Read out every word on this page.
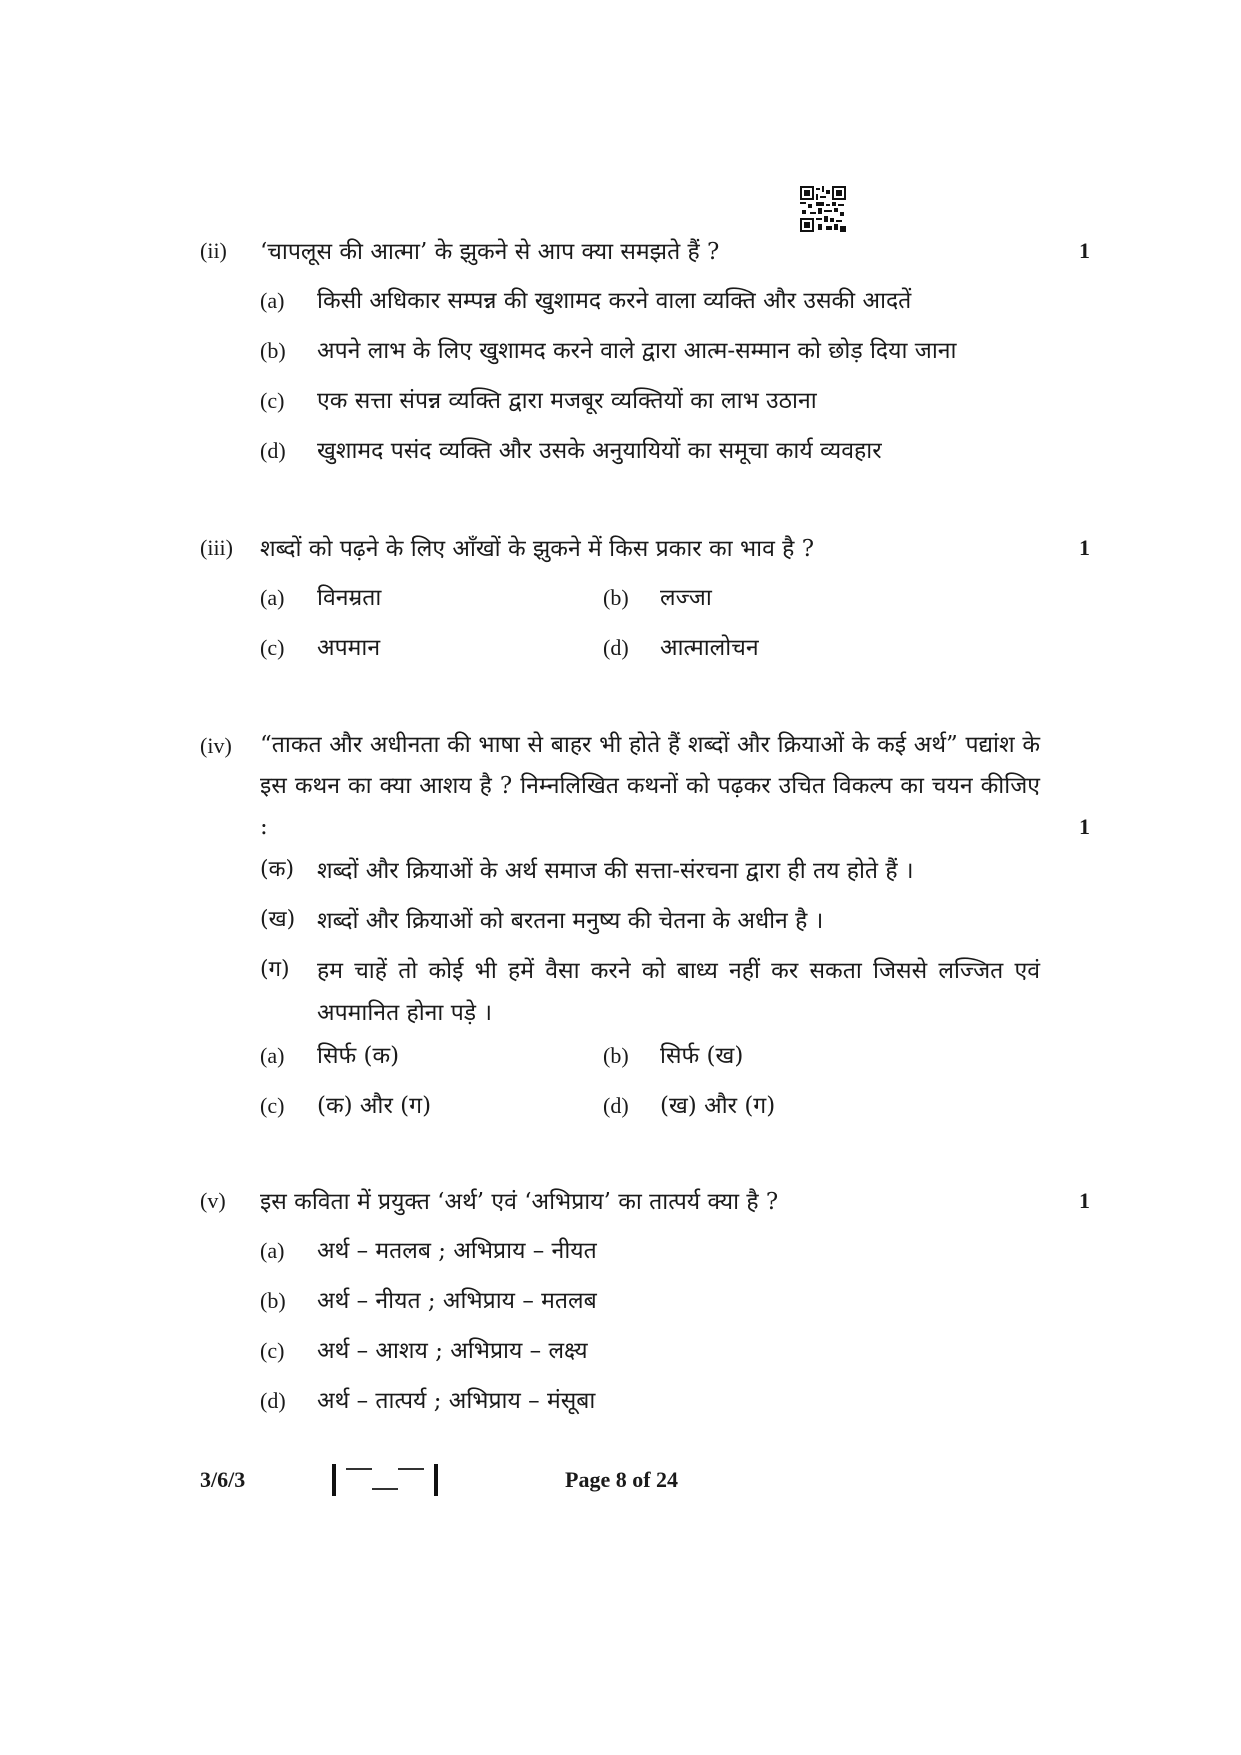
(ii)	‘चापलूस की आत्मा’ के झुकने से आप क्या समझते हैं ?	1
(a) किसी अधिकार सम्पन्न की खुशामद करने वाला व्यक्ति और उसकी आदतें
(b) अपने लाभ के लिए खुशामद करने वाले द्वारा आत्म-सम्मान को छोड़ दिया जाना
(c) एक सत्ता संपन्न व्यक्ति द्वारा मजबूर व्यक्तियों का लाभ उठाना
(d) खुशामद पसंद व्यक्ति और उसके अनुयायियों का समूचा कार्य व्यवहार
(iii)	शब्दों को पढ़ने के लिए आँखों के झुकने में किस प्रकार का भाव है ?	1
(a) विनम्रता	(b) लज्जा
(c) अपमान	(d) आत्मालोचन
(iv)	“ताकत और अधीनता की भाषा से बाहर भी होते हैं शब्दों और क्रियाओं के कई अर्थ” पद्यांश के इस कथन का क्या आशय है ? निम्नलिखित कथनों को पढ़कर उचित विकल्प का चयन कीजिए :	1
(क) शब्दों और क्रियाओं के अर्थ समाज की सत्ता-संरचना द्वारा ही तय होते हैं ।
(ख) शब्दों और क्रियाओं को बरतना मनुष्य की चेतना के अधीन है ।
(ग) हम चाहें तो कोई भी हमें वैसा करने को बाध्य नहीं कर सकता जिससे लज्जित एवं अपमानित होना पड़े ।
(a) सिर्फ (क)	(b) सिर्फ (ख)
(c) (क) और (ग)	(d) (ख) और (ग)
(v)	इस कविता में प्रयुक्त ‘अर्थ’ एवं ‘अभिप्राय’ का तात्पर्य क्या है ?	1
(a) अर्थ – मतलब ; अभिप्राय – नीयत
(b) अर्थ – नीयत ; अभिप्राय – मतलब
(c) अर्थ – आशय ; अभिप्राय – लक्ष्य
(d) अर्थ – तात्पर्य ; अभिप्राय – मंसूबा
3/6/3	Page 8 of 24
